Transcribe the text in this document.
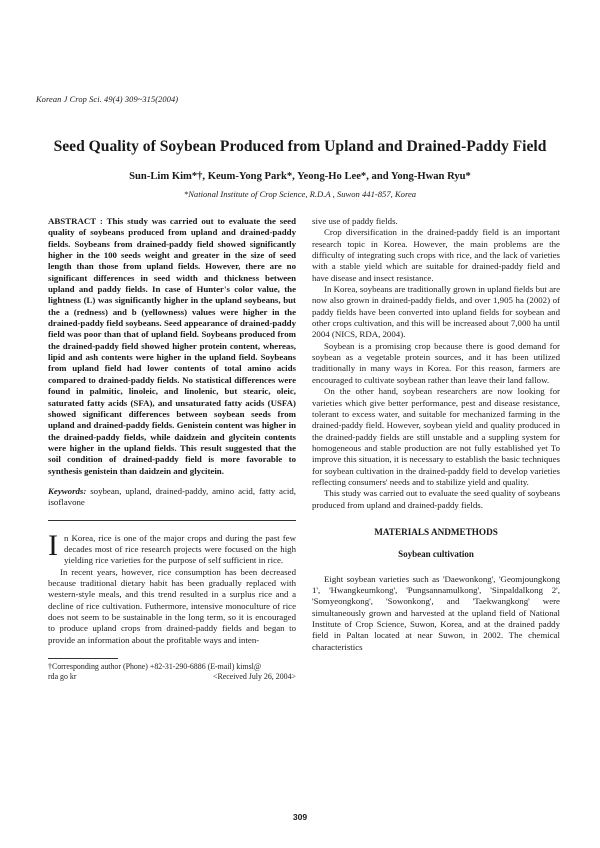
Korean J Crop Sci. 49(4) 309~315(2004)
Seed Quality of Soybean Produced from Upland and Drained-Paddy Field
Sun-Lim Kim*†, Keum-Yong Park*, Yeong-Ho Lee*, and Yong-Hwan Ryu*
*National Institute of Crop Science, R.D.A , Suwon 441-857, Korea
ABSTRACT : This study was carried out to evaluate the seed quality of soybeans produced from upland and drained-paddy fields. Soybeans from drained-paddy field showed significantly higher in the 100 seeds weight and greater in the size of seed length than those from upland fields. However, there are no significant differences in seed width and thickness between upland and paddy fields. In case of Hunter's color value, the lightness (L) was significantly higher in the upland soybeans, but the a (redness) and b (yellowness) values were higher in the drained-paddy field soybeans. Seed appearance of drained-paddy field was poor than that of upland field. Soybeans produced from the drained-paddy field showed higher protein content, whereas, lipid and ash contents were higher in the upland field. Soybeans from upland field had lower contents of total amino acids compared to drained-paddy fields. No statistical differences were found in palmitic, linoleic, and linolenic, but stearic, oleic, saturated fatty acids (SFA), and unsaturated fatty acids (USFA) showed significant differences between soybean seeds from upland and drained-paddy fields. Genistein content was higher in the drained-paddy fields, while daidzein and glycitein contents were higher in the upland fields. This result suggested that the soil condition of drained-paddy field is more favorable to synthesis genistein than daidzein and glycitein.
Keywords: soybean, upland, drained-paddy, amino acid, fatty acid, isoflavone
In Korea, rice is one of the major crops and during the past few decades most of rice research projects were focused on the high yielding rice varieties for the purpose of self sufficient in rice.

In recent years, however, rice consumption has been decreased because traditional dietary habit has been gradually replaced with western-style meals, and this trend resulted in a surplus rice and a decline of rice cultivation. Futhermore, intensive monoculture of rice does not seem to be sustainable in the long term, so it is encouraged to produce upland crops from drained-paddy fields and began to provide an information about the profitable ways and inten-

†Corresponding author (Phone) +82-31-290-6886 (E-mail) kimsl@
rda go kr	<Received July 26, 2004>

sive use of paddy fields.

Crop diversification in the drained-paddy field is an important research topic in Korea. However, the main problems are the difficulty of integrating such crops with rice, and the lack of varieties with a stable yield which are suitable for drained-paddy field and have disease and insect resistance.

In Korea, soybeans are traditionally grown in upland fields but are now also grown in drained-paddy fields, and over 1,905 ha (2002) of paddy fields have been converted into upland fields for soybean and other crops cultivation, and this will be increased about 7,000 ha until 2004 (NICS, RDA, 2004).

Soybean is a promising crop because there is good demand for soybean as a vegetable protein sources, and it has been utilized traditionally in many ways in Korea. For this reason, farmers are encouraged to cultivate soybean rather than leave their land fallow.

On the other hand, soybean researchers are now looking for varieties which give better performance, pest and disease resistance, tolerant to excess water, and suitable for mechanized farming in the drained-paddy field. However, soybean yield and quality produced in the drained-paddy fields are still unstable and a suppling system for homogeneous and stable production are not fully established yet To improve this situation, it is necessary to establish the basic techniques for soybean cultivation in the drained-paddy field to develop varieties reflecting consumers' needs and to stabilize yield and quality.

This study was carried out to evaluate the seed quality of soybeans produced from upland and drained-paddy fields.

MATERIALS ANDMETHODS
Soybean cultivation

Eight soybean varieties such as 'Daewonkong', 'Geomjoungkong 1', 'Hwangkeumkong', 'Pungsannamulkong', 'Sinpaldalkong 2', 'Somyeongkong', 'Sowonkong', and 'Taekwangkong' were simultaneously grown and harvested at the upland field of National Institute of Crop Science, Suwon, Korea, and at the drained paddy field in Paltan located at near Suwon, in 2002. The chemical characteristics

309
